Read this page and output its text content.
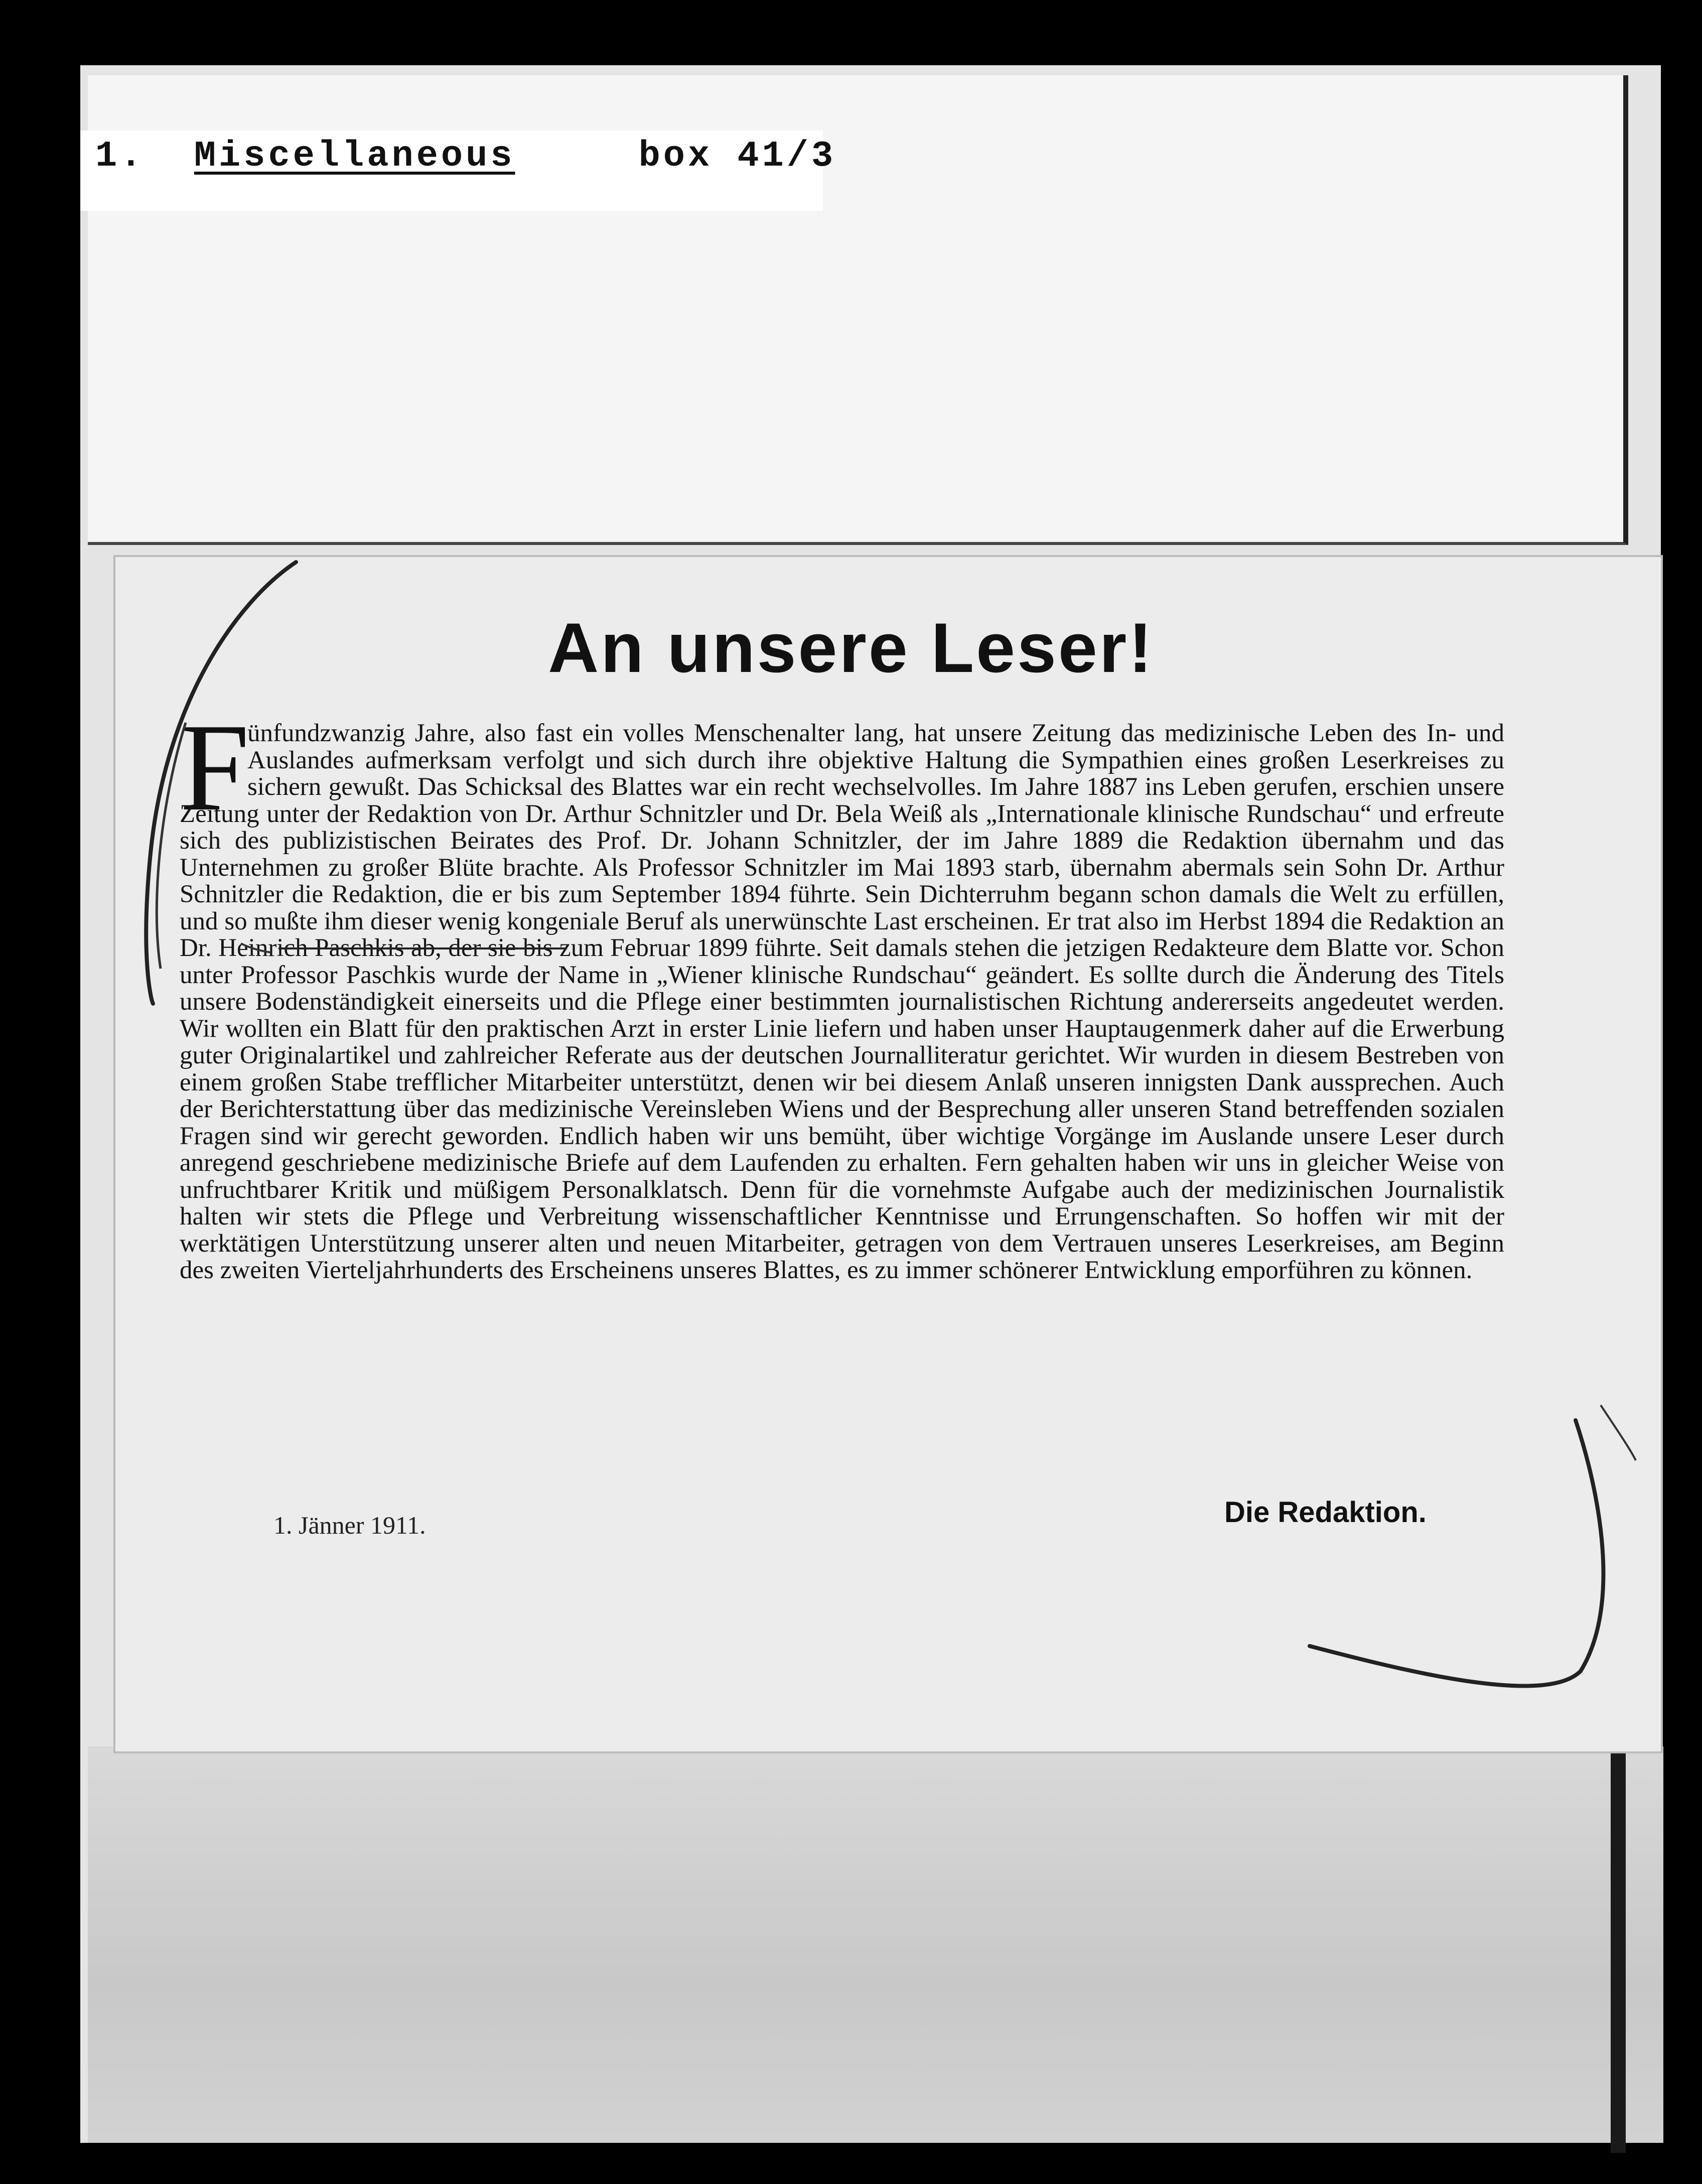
1. Miscellaneous	box 41/3
An unsere Leser!
F
ünfundzwanzig Jahre, also fast ein volles Menschenalter lang, hat unsere Zeitung das medizinische Leben des In- und Auslandes aufmerksam verfolgt und sich durch ihre objektive Haltung die Sympathien eines großen Leserkreises zu sichern gewußt. Das Schicksal des Blattes war ein recht wechselvolles. Im Jahre 1887 ins Leben gerufen, erschien unsere Zeitung unter der Redaktion von Dr. Arthur Schnitzler und Dr. Bela Weiß als „Internationale klinische Rundschau“ und erfreute sich des publizistischen Beirates des Prof. Dr. Johann Schnitzler, der im Jahre 1889 die Redaktion übernahm und das Unternehmen zu großer Blüte brachte. Als Professor Schnitzler im Mai 1893 starb, übernahm abermals sein Sohn Dr. Arthur Schnitzler die Redaktion, die er bis zum September 1894 führte. Sein Dichterruhm begann schon damals die Welt zu erfüllen, und so mußte ihm dieser wenig kongeniale Beruf als unerwünschte Last erscheinen. Er trat also im Herbst 1894 die Redaktion an Dr. Heinrich Paschkis ab, der sie bis zum Februar 1899 führte. Seit damals stehen die jetzigen Redakteure dem Blatte vor. Schon unter Professor Paschkis wurde der Name in „Wiener klinische Rundschau“ geändert. Es sollte durch die Änderung des Titels unsere Bodenständigkeit einerseits und die Pflege einer bestimmten journalistischen Richtung andererseits angedeutet werden. Wir wollten ein Blatt für den praktischen Arzt in erster Linie liefern und haben unser Hauptaugenmerk daher auf die Erwerbung guter Originalartikel und zahlreicher Referate aus der deutschen Journalliteratur gerichtet. Wir wurden in diesem Bestreben von einem großen Stabe trefflicher Mitarbeiter unterstützt, denen wir bei diesem Anlaß unseren innigsten Dank aussprechen. Auch der Berichterstattung über das medizinische Vereinsleben Wiens und der Besprechung aller unseren Stand betreffenden sozialen Fragen sind wir gerecht geworden. Endlich haben wir uns bemüht, über wichtige Vorgänge im Auslande unsere Leser durch anregend geschriebene medizinische Briefe auf dem Laufenden zu erhalten. Fern gehalten haben wir uns in gleicher Weise von unfruchtbarer Kritik und müßigem Personalklatsch. Denn für die vornehmste Aufgabe auch der medizinischen Journalistik halten wir stets die Pflege und Verbreitung wissenschaftlicher Kenntnisse und Errungenschaften. So hoffen wir mit der werktätigen Unterstützung unserer alten und neuen Mitarbeiter, getragen von dem Vertrauen unseres Leserkreises, am Beginn des zweiten Vierteljahrhunderts des Erscheinens unseres Blattes, es zu immer schönerer Entwicklung emporführen zu können.
1. Jänner 1911.	Die Redaktion.
